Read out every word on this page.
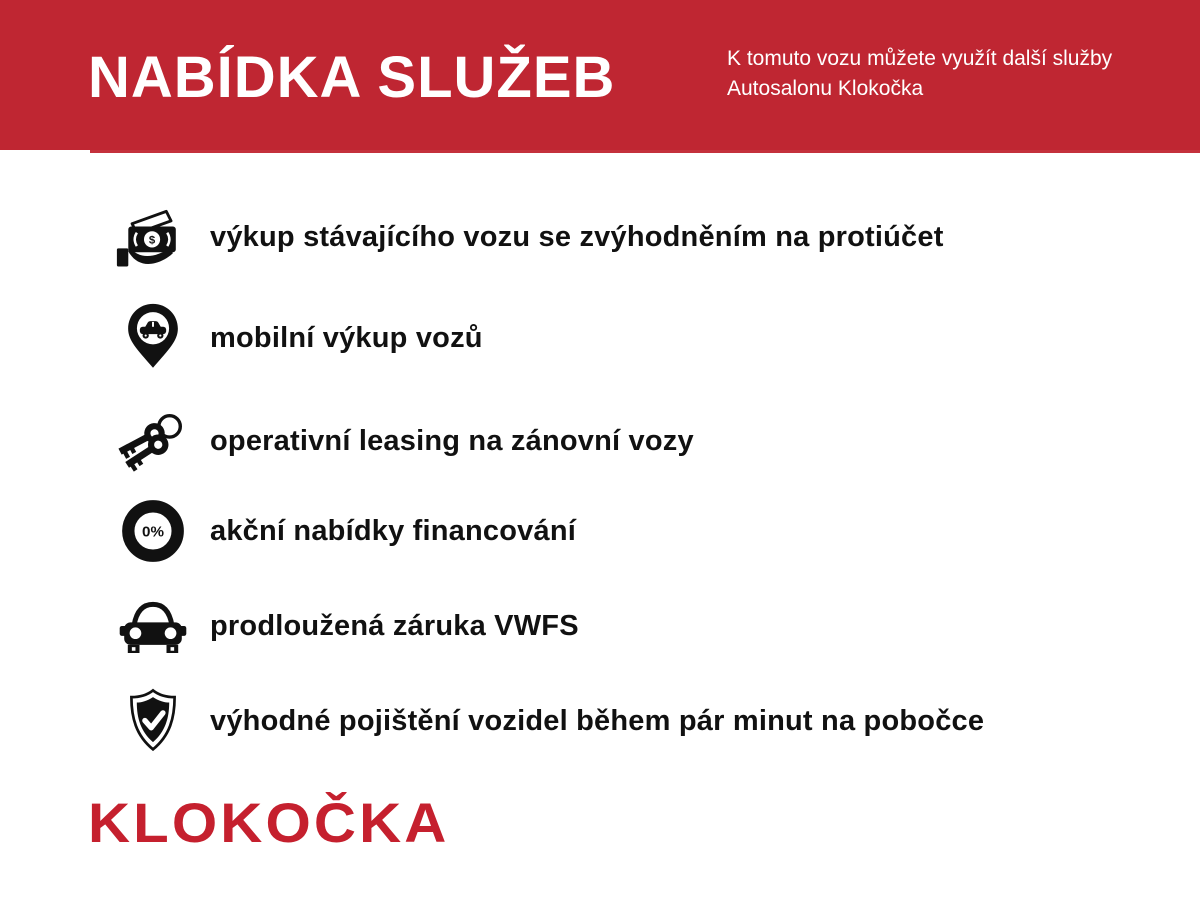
NABÍDKA SLUŽEB	K tomuto vozu můžete využít další služby
Autosalonu Klokočka
$ výkup stávajícího vozu se zvýhodněním na protiúčet
mobilní výkup vozů
operativní leasing na zánovní vozy
0% akční nabídky financování
prodloužená záruka VWFS
výhodné pojištění vozidel během pár minut na pobočce
KLOKOČKA
